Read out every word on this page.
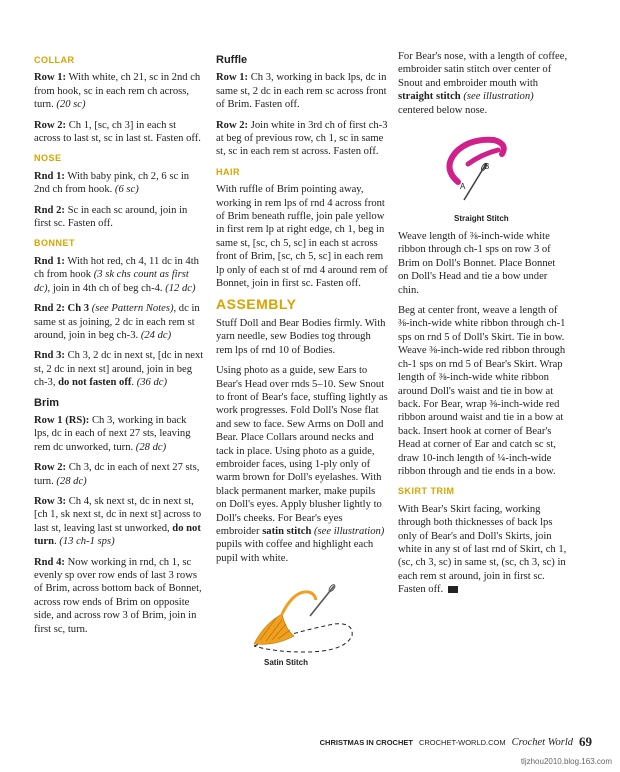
COLLAR

Row 1: With white, ch 21, sc in 2nd ch from hook, sc in each rem ch across, turn. (20 sc)

Row 2: Ch 1, [sc, ch 3] in each st across to last st, sc in last st. Fasten off.

NOSE

Rnd 1: With baby pink, ch 2, 6 sc in 2nd ch from hook. (6 sc)

Rnd 2: Sc in each sc around, join in first sc. Fasten off.

BONNET

Rnd 1: With hot red, ch 4, 11 dc in 4th ch from hook (3 sk chs count as first dc), join in 4th ch of beg ch-4. (12 dc)

Rnd 2: Ch 3 (see Pattern Notes), dc in same st as joining, 2 dc in each rem st around, join in beg ch-3. (24 dc)

Rnd 3: Ch 3, 2 dc in next st, [dc in next st, 2 dc in next st] around, join in beg ch-3, do not fasten off. (36 dc)

Brim

Row 1 (RS): Ch 3, working in back lps, dc in each of next 27 sts, leaving rem dc unworked, turn. (28 dc)

Row 2: Ch 3, dc in each of next 27 sts, turn. (28 dc)

Row 3: Ch 4, sk next st, dc in next st, [ch 1, sk next st, dc in next st] across to last st, leaving last st unworked, do not turn. (13 ch-1 sps)

Rnd 4: Now working in rnd, ch 1, sc evenly sp over row ends of last 3 rows of Brim, across bottom back of Bonnet, across row ends of Brim on opposite side, and across row 3 of Brim, join in first sc, turn.

Ruffle

Row 1: Ch 3, working in back lps, dc in same st, 2 dc in each rem sc across front of Brim. Fasten off.

Row 2: Join white in 3rd ch of first ch-3 at beg of previous row, ch 1, sc in same st, sc in each rem st across. Fasten off.

HAIR

With ruffle of Brim pointing away, working in rem lps of rnd 4 across front of Brim beneath ruffle, join pale yellow in first rem lp at right edge, ch 1, beg in same st, [sc, ch 5, sc] in each st across front of Brim, [sc, ch 5, sc] in each rem lp only of each st of rnd 4 around rem of Bonnet, join in first sc. Fasten off.

ASSEMBLY

Stuff Doll and Bear Bodies firmly. With yarn needle, sew Bodies tog through rem lps of rnd 10 of Bodies.

Using photo as a guide, sew Ears to Bear's Head over rnds 5–10. Sew Snout to front of Bear's face, stuffing lightly as work progresses. Fold Doll's Nose flat and sew to face. Sew Arms on Doll and Bear. Place Collars around necks and tack in place. Using photo as a guide, embroider faces, using 1-ply only of warm brown for Doll's eyelashes. With black permanent marker, make pupils on Doll's eyes. Apply blusher lightly to Doll's cheeks. For Bear's eyes embroider satin stitch (see illustration) pupils with coffee and highlight each pupil with white.

Satin Stitch

For Bear's nose, with a length of coffee, embroider satin stitch over center of Snout and embroider mouth with straight stitch (see illustration) centered below nose.

A
B
Straight Stitch

Weave length of ⅜-inch-wide white ribbon through ch-1 sps on row 3 of Brim on Doll's Bonnet. Place Bonnet on Doll's Head and tie a bow under chin.

Beg at center front, weave a length of ⅜-inch-wide white ribbon through ch-1 sps on rnd 5 of Doll's Skirt. Tie in bow. Weave ⅜-inch-wide red ribbon through ch-1 sps on rnd 5 of Bear's Skirt. Wrap length of ⅜-inch-wide white ribbon around Doll's waist and tie in bow at back. For Bear, wrap ⅜-inch-wide red ribbon around waist and tie in a bow at back. Insert hook at corner of Bear's Head at corner of Ear and catch sc st, draw 10-inch length of ¼-inch-wide ribbon through and tie ends in a bow.

SKIRT TRIM

With Bear's Skirt facing, working through both thicknesses of back lps only of Bear's and Doll's Skirts, join white in any st of last rnd of Skirt, ch 1, (sc, ch 3, sc) in same st, (sc, ch 3, sc) in each rem st around, join in first sc. Fasten off.

CHRISTMAS IN CROCHET CROCHET-WORLD.COM Crochet World 69
tljzhou2010.blog.163.com
